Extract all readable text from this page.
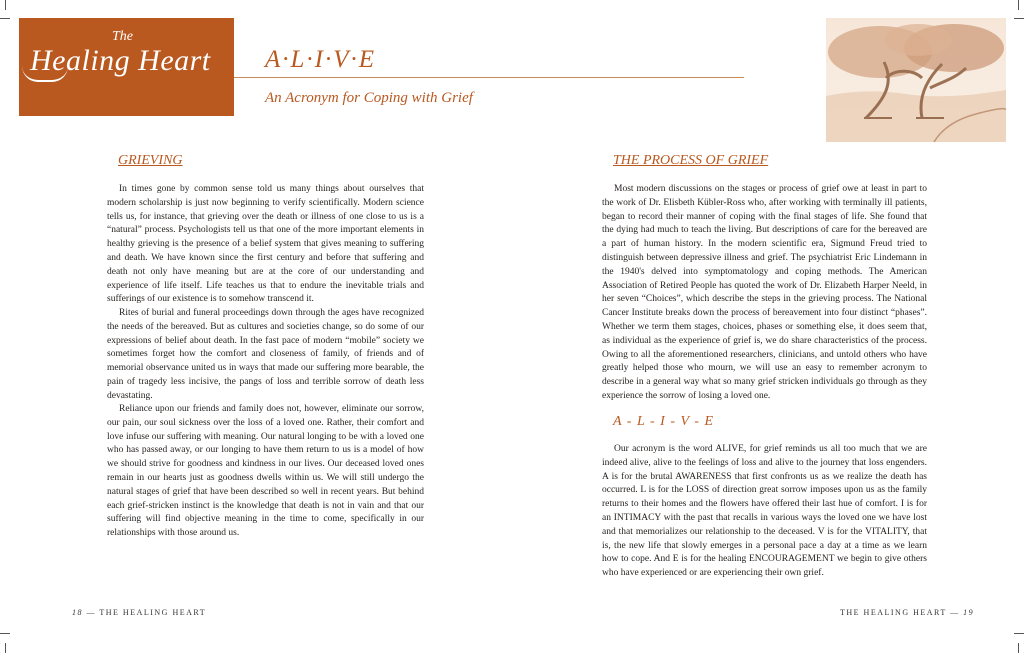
The
Healing Heart A·L·I·V·E
An Acronym for Coping with Grief
GRIEVING

In times gone by common sense told us many things about ourselves that modern scholarship is just now beginning to verify scientifically. Modern science tells us, for instance, that grieving over the death or illness of one close to us is a “natural” process. Psychologists tell us that one of the more important elements in healthy grieving is the presence of a belief system that gives meaning to suffering and death. We have known since the first century and before that suffering and death not only have meaning but are at the core of our understanding and experience of life itself. Life teaches us that to endure the inevitable trials and sufferings of our existence is to somehow transcend it.

Rites of burial and funeral proceedings down through the ages have recognized the needs of the bereaved. But as cultures and societies change, so do some of our expressions of belief about death. In the fast pace of modern “mobile” society we sometimes forget how the comfort and closeness of family, of friends and of memorial observance united us in ways that made our suffering more bearable, the pain of tragedy less incisive, the pangs of loss and terrible sorrow of death less devastating.

Reliance upon our friends and family does not, however, eliminate our sorrow, our pain, our soul sickness over the loss of a loved one. Rather, their comfort and love infuse our suffering with meaning. Our natural longing to be with a loved one who has passed away, or our longing to have them return to us is a model of how we should strive for goodness and kindness in our lives. Our deceased loved ones remain in our hearts just as goodness dwells within us. We will still undergo the natural stages of grief that have been described so well in recent years. But behind each grief-stricken instinct is the knowledge that death is not in vain and that our suffering will find objective meaning in the time to come, specifically in our relationships with those around us.

THE PROCESS OF GRIEF

Most modern discussions on the stages or process of grief owe at least in part to the work of Dr. Elisbeth Kübler-Ross who, after working with terminally ill patients, began to record their manner of coping with the final stages of life. She found that the dying had much to teach the living. But descriptions of care for the bereaved are a part of human history. In the modern scientific era, Sigmund Freud tried to distinguish between depressive illness and grief. The psychiatrist Eric Lindemann in the 1940's delved into symptomatology and coping methods. The American Association of Retired People has quoted the work of Dr. Elizabeth Harper Neeld, in her seven “Choices”, which describe the steps in the grieving process. The National Cancer Institute breaks down the process of bereavement into four distinct “phases”. Whether we term them stages, choices, phases or something else, it does seem that, as individual as the experience of grief is, we do share characteristics of the process. Owing to all the aforementioned researchers, clinicians, and untold others who have greatly helped those who mourn, we will use an easy to remember acronym to describe in a general way what so many grief stricken individuals go through as they experience the sorrow of losing a loved one.

A - L - I - V - E

Our acronym is the word ALIVE, for grief reminds us all too much that we are indeed alive, alive to the feelings of loss and alive to the journey that loss engenders. A is for the brutal AWARENESS that first confronts us as we realize the death has occurred. L is for the LOSS of direction great sorrow imposes upon us as the family returns to their homes and the flowers have offered their last hue of comfort. I is for an INTIMACY with the past that recalls in various ways the loved one we have lost and that memorializes our relationship to the deceased. V is for the VITALITY, that is, the new life that slowly emerges in a personal pace a day at a time as we learn how to cope. And E is for the healing ENCOURAGEMENT we begin to give others who have experienced or are experiencing their own grief.

18 — THE HEALING HEART	THE HEALING HEART — 19
